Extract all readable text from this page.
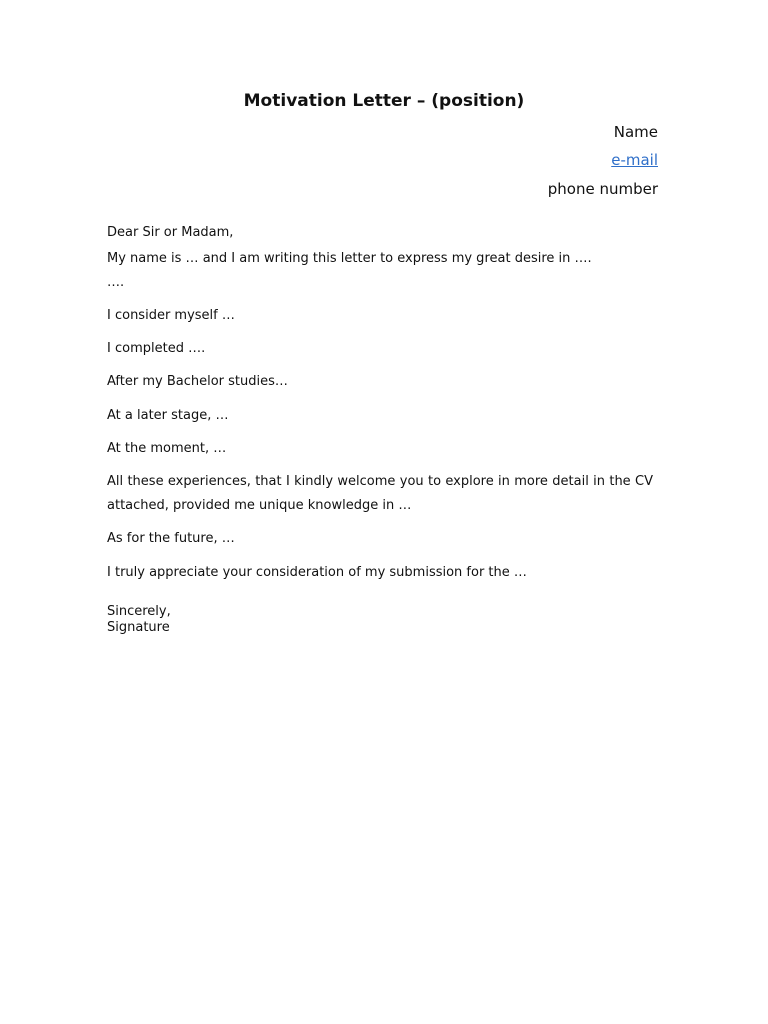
Motivation Letter – (position)
Name
e-mail
phone number
Dear Sir or Madam,
My name is … and I am writing this letter to express my great desire in ….
….
I consider myself …
I completed ….
After my Bachelor studies…
At a later stage, …
At the moment, …
All these experiences, that I kindly welcome you to explore in more detail in the CV attached, provided me unique knowledge in …
As for the future, …
I truly appreciate your consideration of my submission for the …
Sincerely,
Signature
